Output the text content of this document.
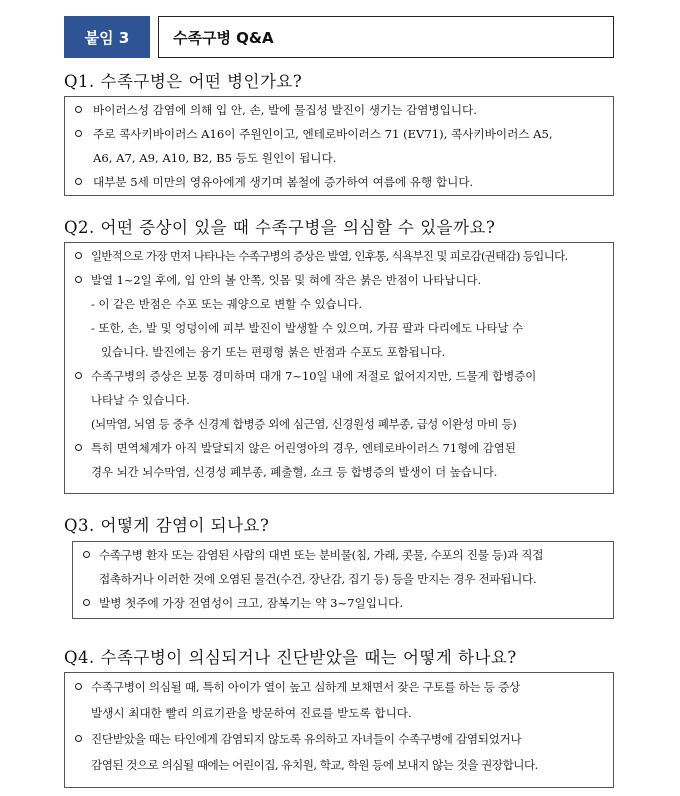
붙임 3	수족구병 Q&A
Q1. 수족구병은 어떤 병인가요?
바이러스성 감염에 의해 입 안, 손, 발에 물집성 발진이 생기는 감염병입니다.
주로 콕사키바이러스 A16이 주원인이고, 엔테로바이러스 71 (EV71), 콕사키바이러스 A5,
A6, A7, A9, A10, B2, B5 등도 원인이 됩니다.
대부분 5세 미만의 영유아에게 생기며 봄철에 증가하여 여름에 유행 합니다.
Q2. 어떤 증상이 있을 때 수족구병을 의심할 수 있을까요?
일반적으로 가장 먼저 나타나는 수족구병의 증상은 발열, 인후통, 식욕부진 및 피로감(권태감) 등입니다.
발열 1~2일 후에, 입 안의 볼 안쪽, 잇몸 및 혀에 작은 붉은 반점이 나타납니다.
- 이 같은 반점은 수포 또는 궤양으로 변할 수 있습니다.
- 또한, 손, 발 및 엉덩이에 피부 발진이 발생할 수 있으며, 가끔 팔과 다리에도 나타날 수
있습니다. 발진에는 융기 또는 편평형 붉은 반점과 수포도 포함됩니다.
수족구병의 증상은 보통 경미하며 대개 7~10일 내에 저절로 없어지지만, 드물게 합병증이
나타날 수 있습니다.
(뇌막염, 뇌염 등 중추 신경계 합병증 외에 심근염, 신경원성 폐부종, 급성 이완성 마비 등)
특히 면역체계가 아직 발달되지 않은 어린영아의 경우, 엔테로바이러스 71형에 감염된
경우 뇌간 뇌수막염, 신경성 폐부종, 폐출혈, 쇼크 등 합병증의 발생이 더 높습니다.
Q3. 어떻게 감염이 되나요?
수족구병 환자 또는 감염된 사람의 대변 또는 분비물(침, 가래, 콧물, 수포의 진물 등)과 직접
접촉하거나 이러한 것에 오염된 물건(수건, 장난감, 집기 등) 등을 만지는 경우 전파됩니다.
발병 첫주에 가장 전염성이 크고, 잠복기는 약 3~7일입니다.
Q4. 수족구병이 의심되거나 진단받았을 때는 어떻게 하나요?
수족구병이 의심될 때, 특히 아이가 열이 높고 심하게 보채면서 잦은 구토를 하는 등 증상
발생시 최대한 빨리 의료기관을 방문하여 진료를 받도록 합니다.
진단받았을 때는 타인에게 감염되지 않도록 유의하고 자녀들이 수족구병에 감염되었거나
감염된 것으로 의심될 때에는 어린이집, 유치원, 학교, 학원 등에 보내지 않는 것을 권장합니다.
